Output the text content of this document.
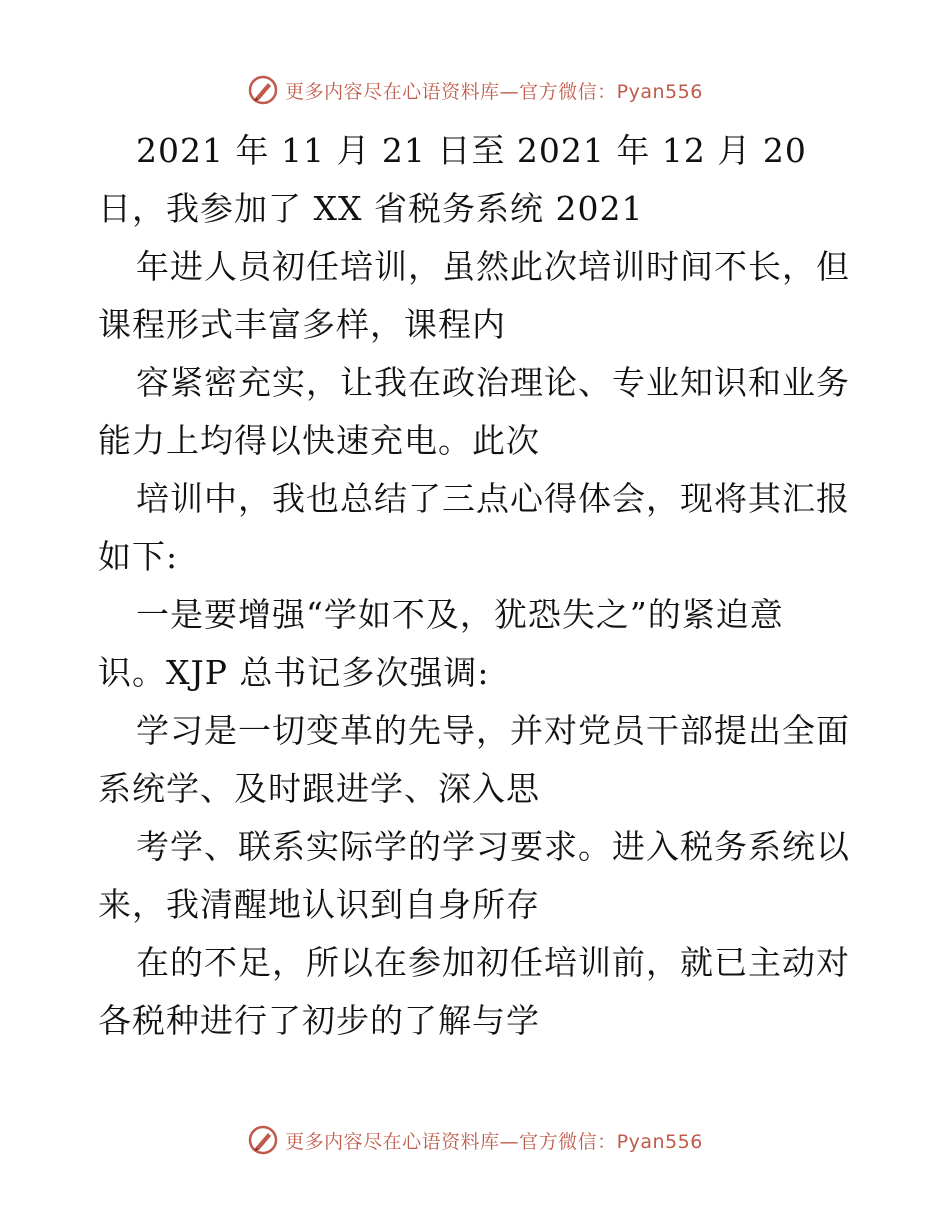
更多内容尽在心语资料库—官方微信：Pyan556
2021 年 11 月 21 日至 2021 年 12 月 20
日，我参加了 XX 省税务系统 2021
年进人员初任培训，虽然此次培训时间不长，但
课程形式丰富多样，课程内
容紧密充实，让我在政治理论、专业知识和业务
能力上均得以快速充电。此次
培训中，我也总结了三点心得体会，现将其汇报
如下:
一是要增强“学如不及，犹恐失之”的紧迫意
识。XJP 总书记多次强调:
学习是一切变革的先导，并对党员干部提出全面
系统学、及时跟进学、深入思
考学、联系实际学的学习要求。进入税务系统以
来，我清醒地认识到自身所存
在的不足，所以在参加初任培训前，就已主动对
各税种进行了初步的了解与学
更多内容尽在心语资料库—官方微信：Pyan556
